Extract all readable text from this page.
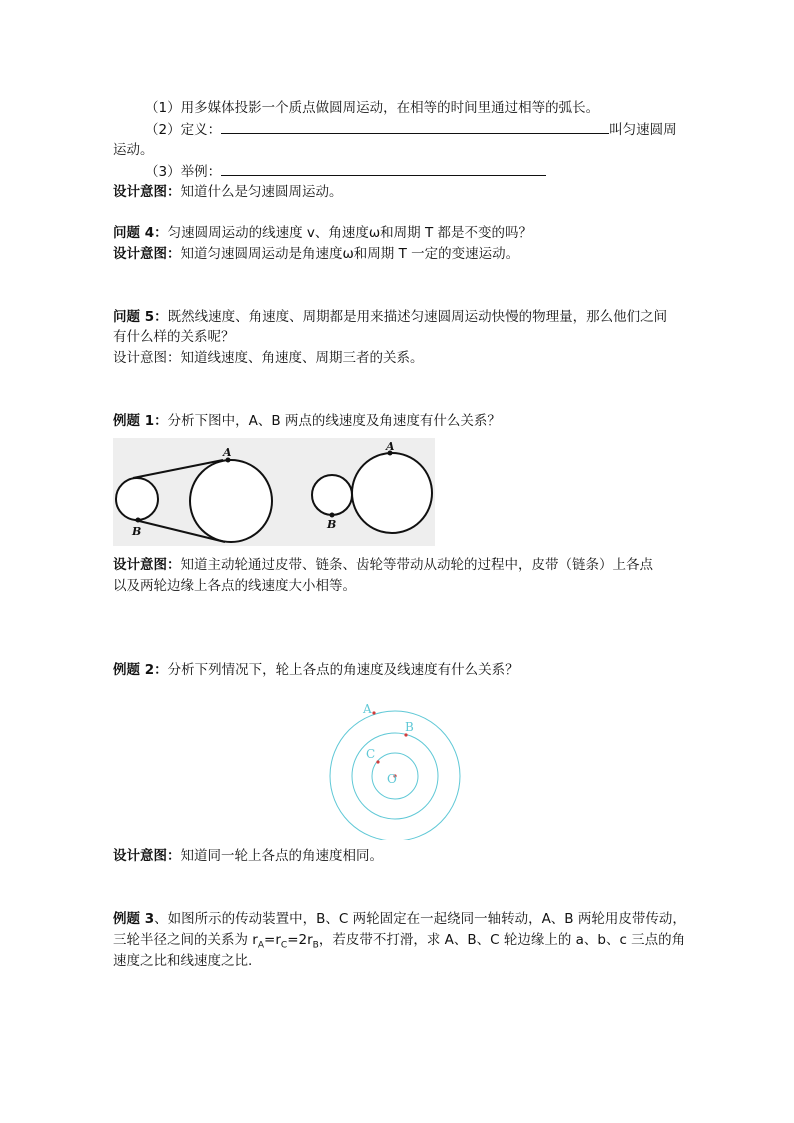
（1）用多媒体投影一个质点做圆周运动，在相等的时间里通过相等的弧长。
（2）定义：	叫匀速圆周
运动。
（3）举例：
设计意图：知道什么是匀速圆周运动。
问题 4：匀速圆周运动的线速度 v、角速度ω和周期 T 都是不变的吗？
设计意图：知道匀速圆周运动是角速度ω和周期 T 一定的变速运动。
问题 5：既然线速度、角速度、周期都是用来描述匀速圆周运动快慢的物理量，那么他们之间
有什么样的关系呢？
设计意图：知道线速度、角速度、周期三者的关系。
例题 1：分析下图中，A、B 两点的线速度及角速度有什么关系？
A
B
A
B
设计意图：知道主动轮通过皮带、链条、齿轮等带动从动轮的过程中，皮带（链条）上各点
以及两轮边缘上各点的线速度大小相等。
例题 2：分析下列情况下，轮上各点的角速度及线速度有什么关系？
A
B
C
O
设计意图：知道同一轮上各点的角速度相同。
例题 3、如图所示的传动装置中，B、C 两轮固定在一起绕同一轴转动，A、B 两轮用皮带传动，
三轮半径之间的关系为 $r_A=r_C=2r_B$，若皮带不打滑，求 A、B、C 轮边缘上的 a、b、c 三点的角
速度之比和线速度之比.
